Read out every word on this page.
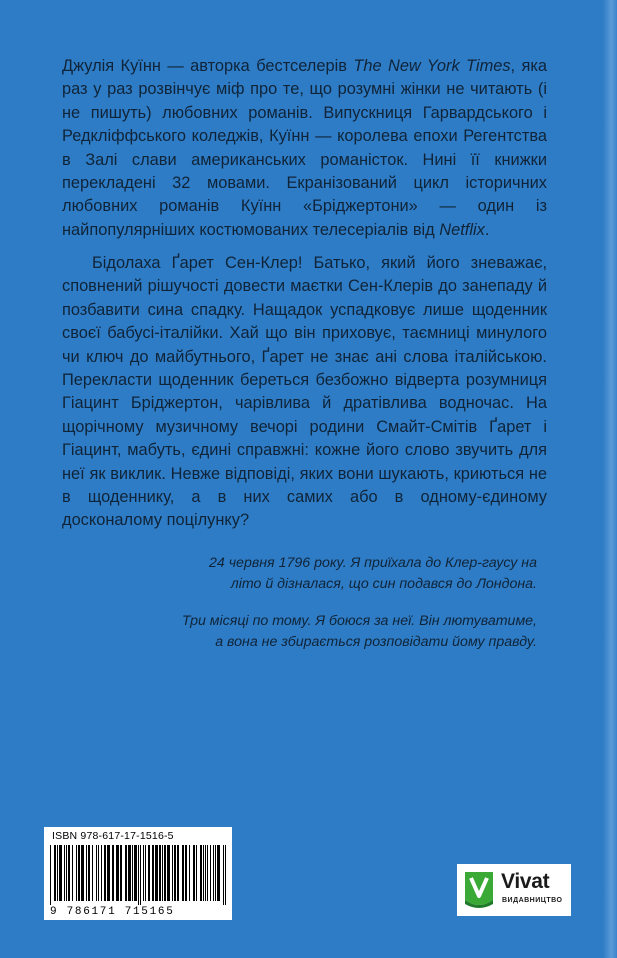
Джулія Куїнн — авторка бестселерів The New York Times, яка раз у раз розвінчує міф про те, що розумні жінки не читають (і не пишуть) любовних романів. Випускниця Гарвардського і Редкліффського коледжів, Куїнн — королева епохи Регентства в Залі слави американських романісток. Нині її книжки перекладені 32 мовами. Екранізований цикл історичних любовних романів Куїнн «Бріджертони» — один із найпопулярніших костюмованих телесеріалів від Netflix.

Бідолаха Ґарет Сен-Клер! Батько, який його зневажає, сповнений рішучості довести маєтки Сен-Клерів до занепаду й позбавити сина спадку. Нащадок успадковує лише щоденник своєї бабусі-італійки. Хай що він приховує, таємниці минулого чи ключ до майбутнього, Ґарет не знає ані слова італійською. Перекласти щоденник береться безбожно відверта розумниця Гіацинт Бріджертон, чарівлива й дратівлива водночас. На щорічному музичному вечорі родини Смайт-Смітів Ґарет і Гіацинт, мабуть, єдині справжні: кожне його слово звучить для неї як виклик. Невже відповіді, яких вони шукають, криються не в щоденнику, а в них самих або в одному-єдиному досконалому поцілунку?

24 червня 1796 року. Я приїхала до Клер-гаусу на

літо й дізналася, що син подався до Лондона.

Три місяці по тому. Я боюся за неї. Він лютуватиме,

а вона не збирається розповідати йому правду.

ISBN 978-617-17-1516-5
9 786171 715165
Vivat
ВИДАВНИЦТВО
